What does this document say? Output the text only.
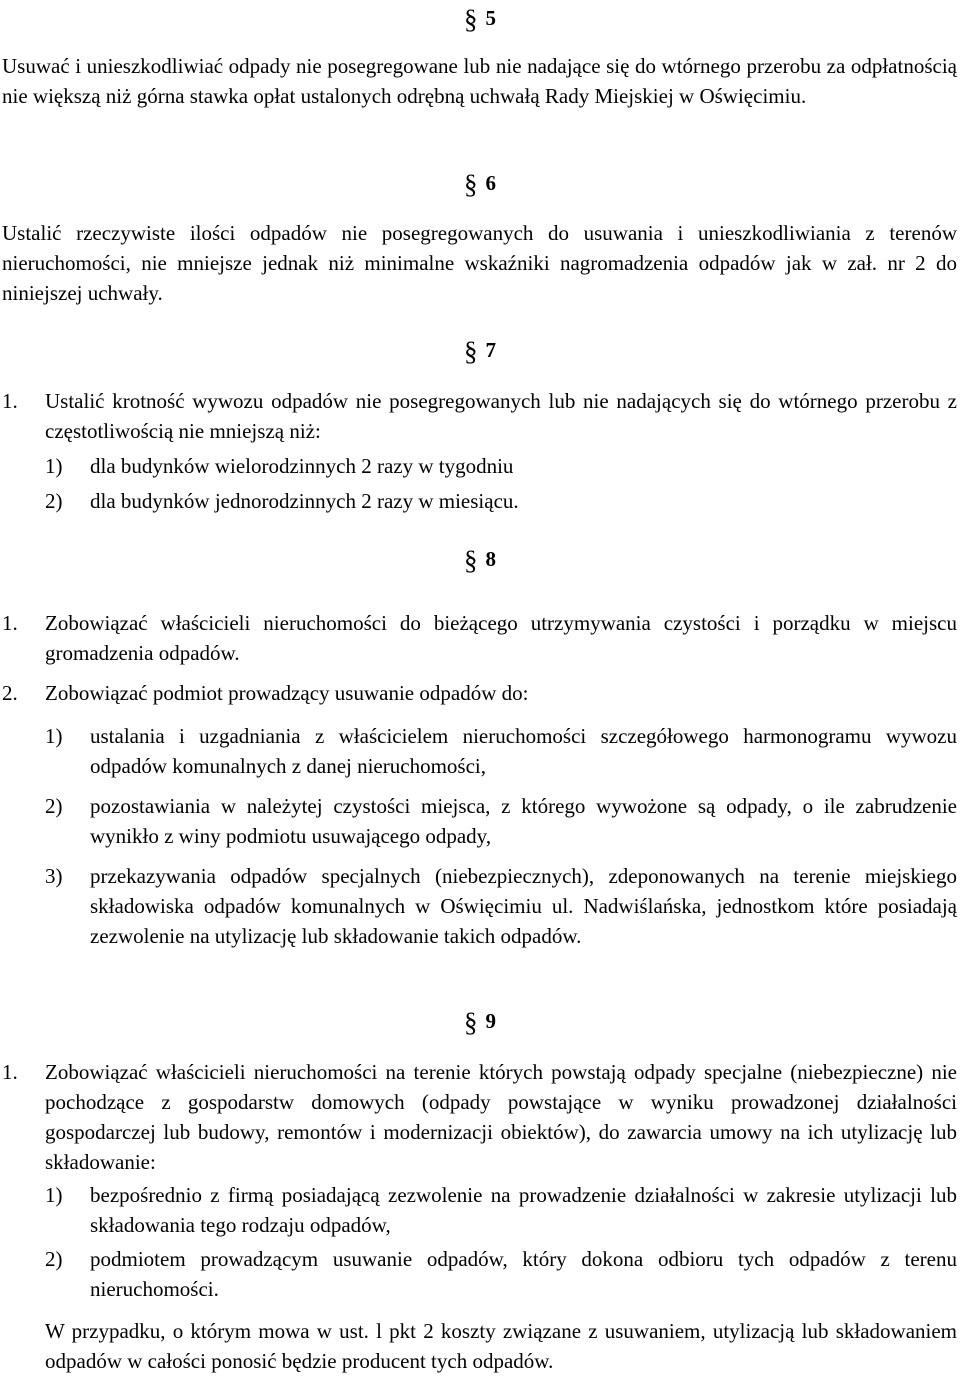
§ 5

Usuwać i unieszkodliwiać odpady nie posegregowane lub nie nadające się do wtórnego przerobu za odpłatnością nie większą niż górna stawka opłat ustalonych odrębną uchwałą Rady Miejskiej w Oświęcimiu.

§ 6

Ustalić rzeczywiste ilości odpadów nie posegregowanych do usuwania i unieszkodliwiania z terenów nieruchomości, nie mniejsze jednak niż minimalne wskaźniki nagromadzenia odpadów jak w zał. nr 2 do niniejszej uchwały.

§ 7
1. Ustalić krotność wywozu odpadów nie posegregowanych lub nie nadających się do wtórnego przerobu z częstotliwością nie mniejszą niż:

1) dla budynków wielorodzinnych 2 razy w tygodniu

2) dla budynków jednorodzinnych 2 razy w miesiącu.

§ 8
1. Zobowiązać właścicieli nieruchomości do bieżącego utrzymywania czystości i porządku w miejscu gromadzenia odpadów.

2. Zobowiązać podmiot prowadzący usuwanie odpadów do:

1) ustalania i uzgadniania z właścicielem nieruchomości szczegółowego harmonogramu wywozu odpadów komunalnych z danej nieruchomości,

2) pozostawiania w należytej czystości miejsca, z którego wywożone są odpady, o ile zabrudzenie wynikło z winy podmiotu usuwającego odpady,

3) przekazywania odpadów specjalnych (niebezpiecznych), zdeponowanych na terenie miejskiego składowiska odpadów komunalnych w Oświęcimiu ul. Nadwiślańska, jednostkom które posiadają zezwolenie na utylizację lub składowanie takich odpadów.

§ 9
1. Zobowiązać właścicieli nieruchomości na terenie których powstają odpady specjalne (niebezpieczne) nie pochodzące z gospodarstw domowych (odpady powstające w wyniku prowadzonej działalności gospodarczej lub budowy, remontów i modernizacji obiektów), do zawarcia umowy na ich utylizację lub składowanie:

1) bezpośrednio z firmą posiadającą zezwolenie na prowadzenie działalności w zakresie utylizacji lub składowania tego rodzaju odpadów,

2) podmiotem prowadzącym usuwanie odpadów, który dokona odbioru tych odpadów z terenu nieruchomości.

W przypadku, o którym mowa w ust. l pkt 2 koszty związane z usuwaniem, utylizacją lub składowaniem odpadów w całości ponosić będzie producent tych odpadów.
